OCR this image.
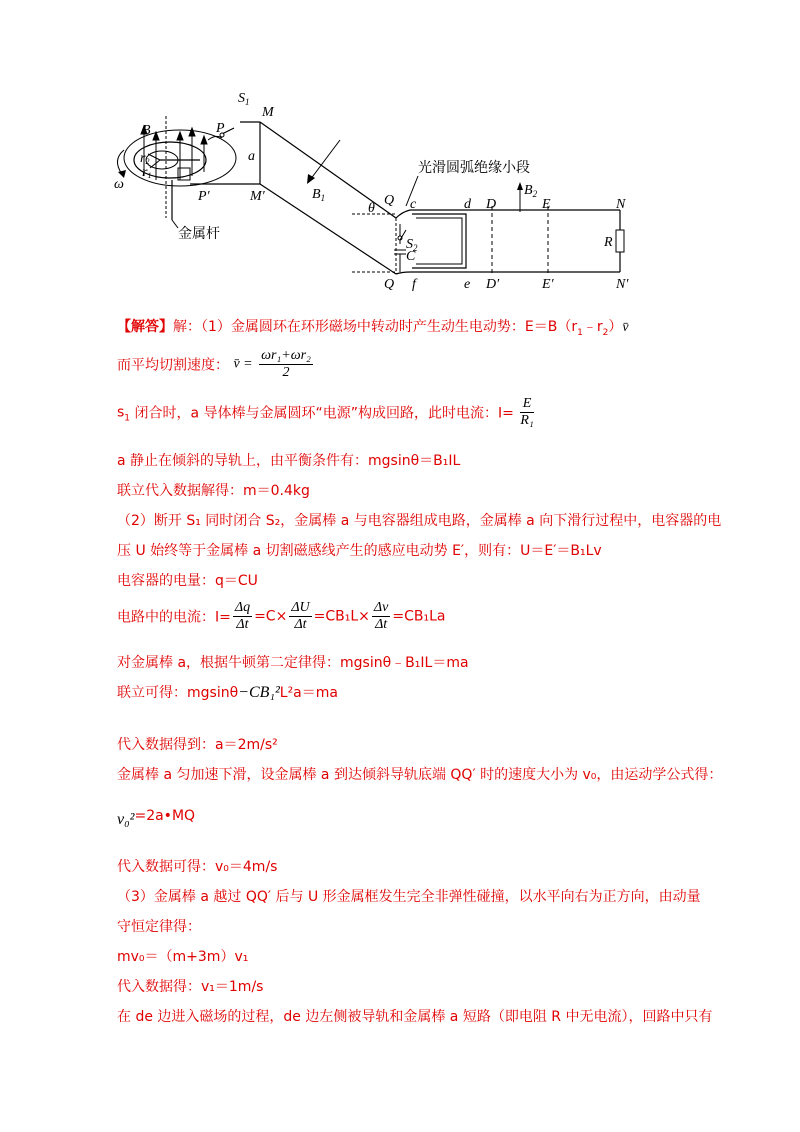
$S_1$
M
a
P
P′	M′
B
ω
r2
r1
金属杆
$B_1$	Q
Q
θ
$S_2$
C
c	d
e
f
D
D′
E
E′
N
N′
R
$B_2$
光滑圆弧绝缘小段
【解答】解：（1）金属圆环在环形磁场中转动时产生动生电动势：$E=B(r_1﹣r_2)v̄$
而平均切割速度： v̄ = $\frac{\text{ωr₁+ωr₂}}{2}$
$s_1$ 闭合时，a 导体棒与金属圆环“电源”构成回路，此时电流：$I= \frac{E}{\text{R₁}}$
a 静止在倾斜的导轨上，由平衡条件有：mgsinθ＝B₁IL
联立代入数据解得：m＝0.4kg
（2）断开 S₁ 同时闭合 S₂，金属棒 a 与电容器组成电路，金属棒 a 向下滑行过程中，电容器的电
压 U 始终等于金属棒 a 切割磁感线产生的感应电动势 E′，则有：U＝E′＝B₁Lv
电容器的电量：q＝CU
电路中的电流：$I= \frac{\Delta q}{\Delta t} =C\times \frac{\Delta U}{\Delta t} =CB_1L\times \frac{\Delta v}{\Delta t} =CB_1La$
对金属棒 a，根据牛顿第二定律得：mgsinθ﹣B₁IL＝ma
联立可得：mgsinθ−CB₁²L²a＝ma
代入数据得到：a＝2m/s²
金属棒 a 匀加速下滑，设金属棒 a 到达倾斜导轨底端 QQ′ 时的速度大小为 v₀，由运动学公式得：
v₀²=2a•MQ
代入数据可得：v₀＝4m/s
（3）金属棒 a 越过 QQ′ 后与 U 形金属框发生完全非弹性碰撞，以水平向右为正方向，由动量
守恒定律得：
mv₀＝（m+3m）v₁
代入数据得：v₁＝1m/s
在 de 边进入磁场的过程，de 边左侧被导轨和金属棒 a 短路（即电阻 R 中无电流），回路中只有
